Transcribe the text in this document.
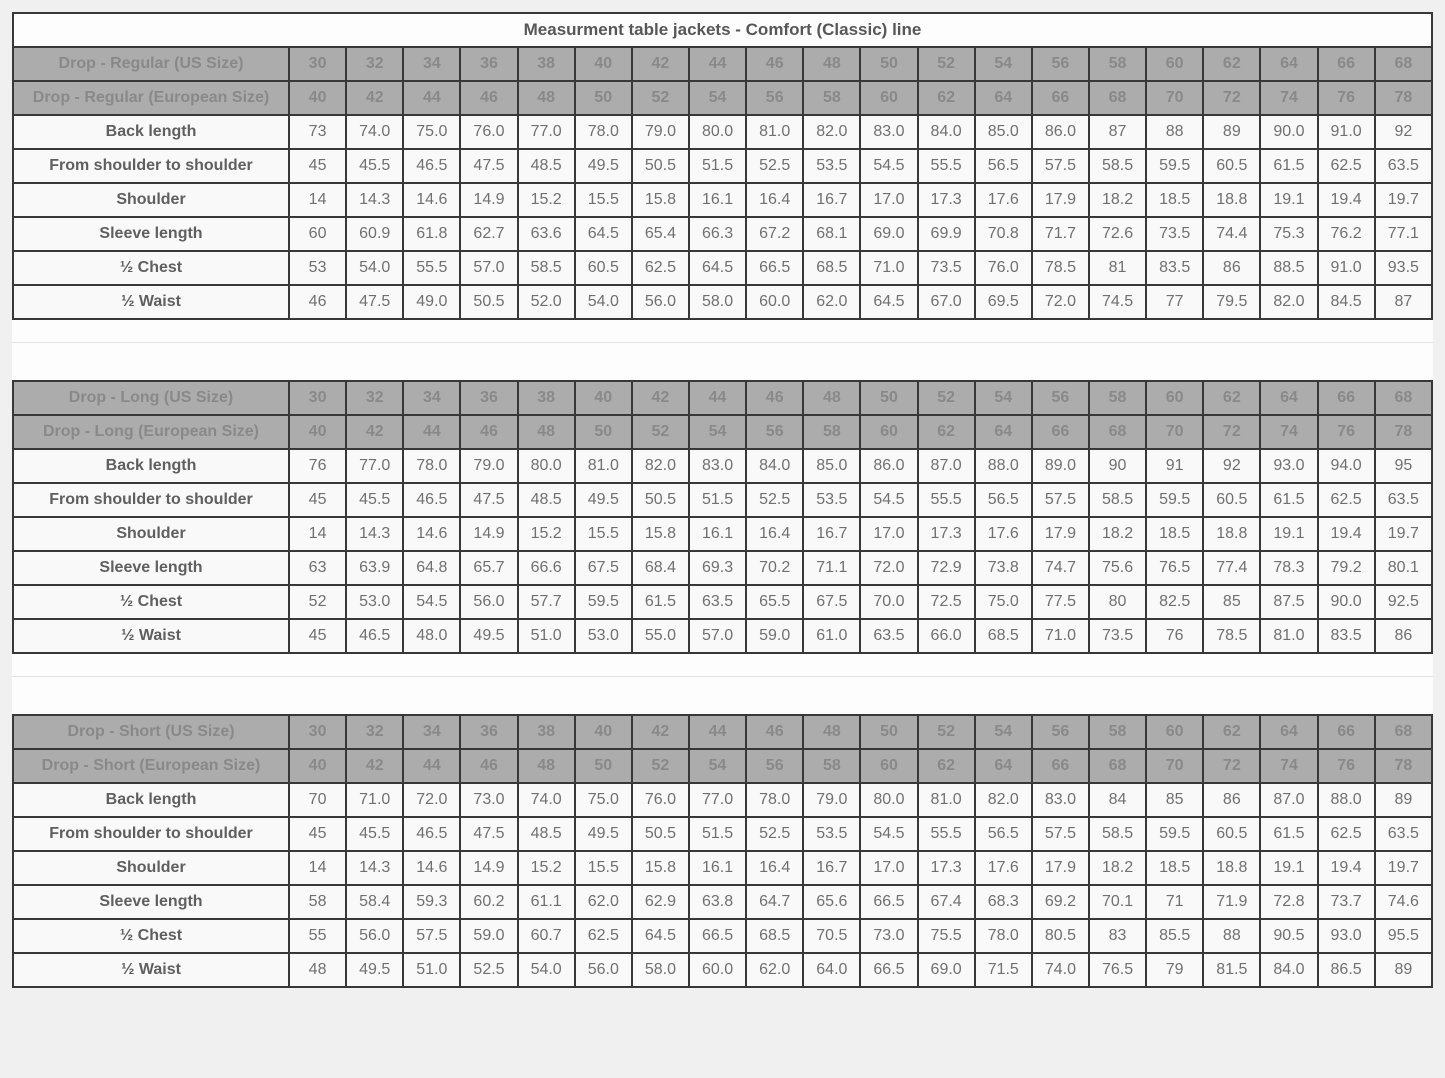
Measurment table jackets - Comfort (Classic) line																				
Drop - Regular (US Size)	30	32	34	36	38	40	42	44	46	48	50	52	54	56	58	60	62	64	66	68
Drop - Regular (European Size)	40	42	44	46	48	50	52	54	56	58	60	62	64	66	68	70	72	74	76	78
Back length	73	74.0	75.0	76.0	77.0	78.0	79.0	80.0	81.0	82.0	83.0	84.0	85.0	86.0	87	88	89	90.0	91.0	92
From shoulder to shoulder	45	45.5	46.5	47.5	48.5	49.5	50.5	51.5	52.5	53.5	54.5	55.5	56.5	57.5	58.5	59.5	60.5	61.5	62.5	63.5
Shoulder	14	14.3	14.6	14.9	15.2	15.5	15.8	16.1	16.4	16.7	17.0	17.3	17.6	17.9	18.2	18.5	18.8	19.1	19.4	19.7
Sleeve length	60	60.9	61.8	62.7	63.6	64.5	65.4	66.3	67.2	68.1	69.0	69.9	70.8	71.7	72.6	73.5	74.4	75.3	76.2	77.1
½ Chest	53	54.0	55.5	57.0	58.5	60.5	62.5	64.5	66.5	68.5	71.0	73.5	76.0	78.5	81	83.5	86	88.5	91.0	93.5
½ Waist	46	47.5	49.0	50.5	52.0	54.0	56.0	58.0	60.0	62.0	64.5	67.0	69.5	72.0	74.5	77	79.5	82.0	84.5	87
Drop - Long (US Size)	30	32	34	36	38	40	42	44	46	48	50	52	54	56	58	60	62	64	66	68
Drop - Long (European Size)	40	42	44	46	48	50	52	54	56	58	60	62	64	66	68	70	72	74	76	78
Back length	76	77.0	78.0	79.0	80.0	81.0	82.0	83.0	84.0	85.0	86.0	87.0	88.0	89.0	90	91	92	93.0	94.0	95
From shoulder to shoulder	45	45.5	46.5	47.5	48.5	49.5	50.5	51.5	52.5	53.5	54.5	55.5	56.5	57.5	58.5	59.5	60.5	61.5	62.5	63.5
Shoulder	14	14.3	14.6	14.9	15.2	15.5	15.8	16.1	16.4	16.7	17.0	17.3	17.6	17.9	18.2	18.5	18.8	19.1	19.4	19.7
Sleeve length	63	63.9	64.8	65.7	66.6	67.5	68.4	69.3	70.2	71.1	72.0	72.9	73.8	74.7	75.6	76.5	77.4	78.3	79.2	80.1
½ Chest	52	53.0	54.5	56.0	57.7	59.5	61.5	63.5	65.5	67.5	70.0	72.5	75.0	77.5	80	82.5	85	87.5	90.0	92.5
½ Waist	45	46.5	48.0	49.5	51.0	53.0	55.0	57.0	59.0	61.0	63.5	66.0	68.5	71.0	73.5	76	78.5	81.0	83.5	86
Drop - Short (US Size)	30	32	34	36	38	40	42	44	46	48	50	52	54	56	58	60	62	64	66	68
Drop - Short (European Size)	40	42	44	46	48	50	52	54	56	58	60	62	64	66	68	70	72	74	76	78
Back length	70	71.0	72.0	73.0	74.0	75.0	76.0	77.0	78.0	79.0	80.0	81.0	82.0	83.0	84	85	86	87.0	88.0	89
From shoulder to shoulder	45	45.5	46.5	47.5	48.5	49.5	50.5	51.5	52.5	53.5	54.5	55.5	56.5	57.5	58.5	59.5	60.5	61.5	62.5	63.5
Shoulder	14	14.3	14.6	14.9	15.2	15.5	15.8	16.1	16.4	16.7	17.0	17.3	17.6	17.9	18.2	18.5	18.8	19.1	19.4	19.7
Sleeve length	58	58.4	59.3	60.2	61.1	62.0	62.9	63.8	64.7	65.6	66.5	67.4	68.3	69.2	70.1	71	71.9	72.8	73.7	74.6
½ Chest	55	56.0	57.5	59.0	60.7	62.5	64.5	66.5	68.5	70.5	73.0	75.5	78.0	80.5	83	85.5	88	90.5	93.0	95.5
½ Waist	48	49.5	51.0	52.5	54.0	56.0	58.0	60.0	62.0	64.0	66.5	69.0	71.5	74.0	76.5	79	81.5	84.0	86.5	89
